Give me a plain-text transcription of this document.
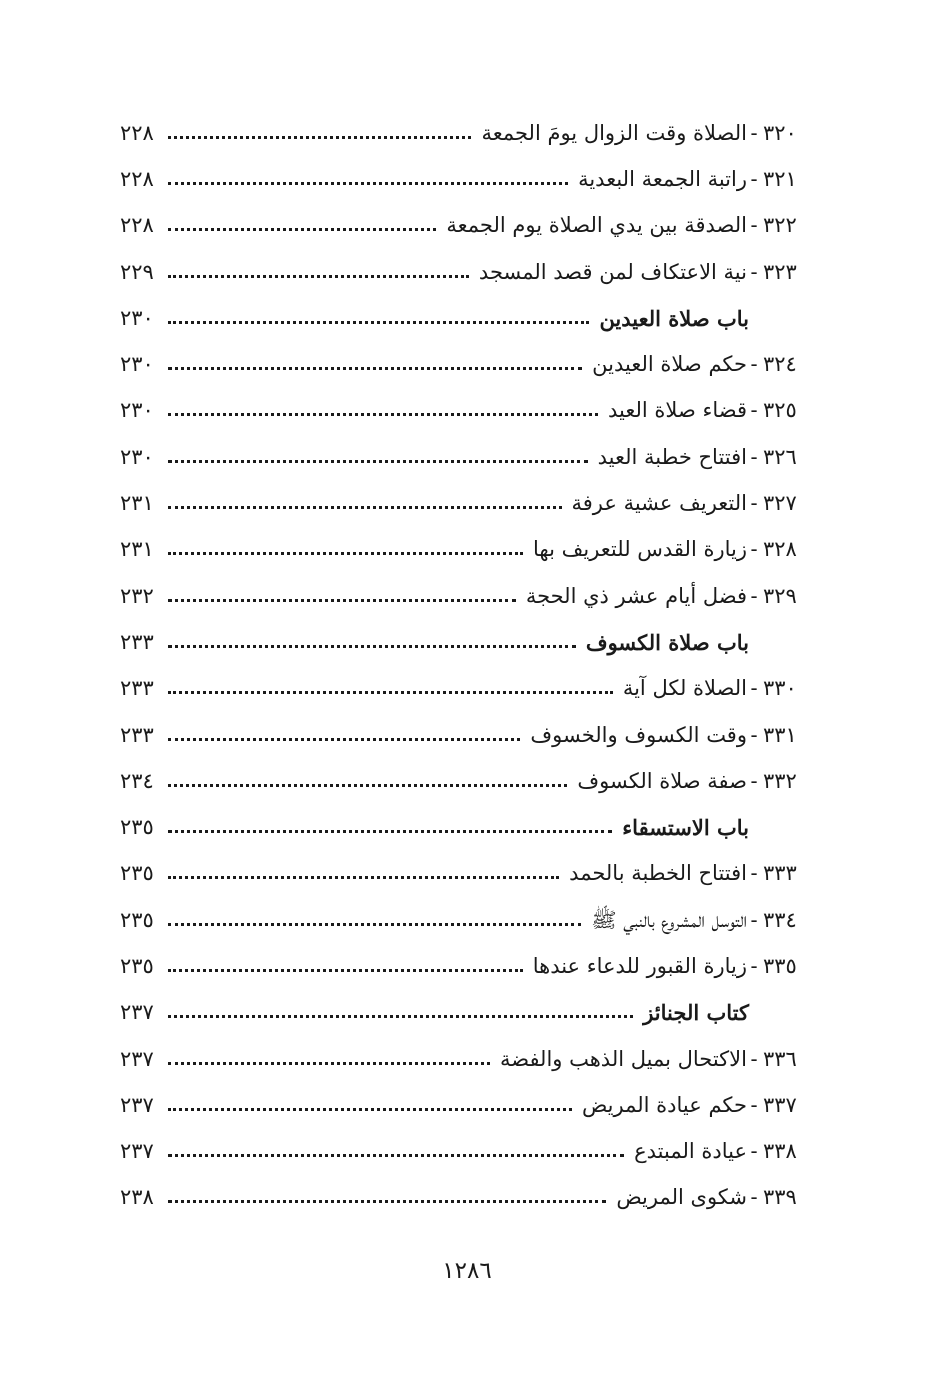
٣٢٠
-
الصلاة وقت الزوال يومَ الجمعة
٢٢٨
٣٢١
-
راتبة الجمعة البعدية
٢٢٨
٣٢٢
-
الصدقة بين يدي الصلاة يوم الجمعة
٢٢٨
٣٢٣
-
نية الاعتكاف لمن قصد المسجد
٢٢٩
باب صلاة العيدين
٢٣٠
٣٢٤
-
حكم صلاة العيدين
٢٣٠
٣٢٥
-
قضاء صلاة العيد
٢٣٠
٣٢٦
-
افتتاح خطبة العيد
٢٣٠
٣٢٧
-
التعريف عشية عرفة
٢٣١
٣٢٨
-
زيارة القدس للتعريف بها
٢٣١
٣٢٩
-
فضل أيام عشر ذي الحجة
٢٣٢
باب صلاة الكسوف
٢٣٣
٣٣٠
-
الصلاة لكل آية
٢٣٣
٣٣١
-
وقت الكسوف والخسوف
٢٣٣
٣٣٢
-
صفة صلاة الكسوف
٢٣٤
باب الاستسقاء
٢٣٥
٣٣٣
-
افتتاح الخطبة بالحمد
٢٣٥
٣٣٤
-
التوسل المشروع بالنبي ﷺ
٢٣٥
٣٣٥
-
زيارة القبور للدعاء عندها
٢٣٥
كتاب الجنائز
٢٣٧
٣٣٦
-
الاكتحال بميل الذهب والفضة
٢٣٧
٣٣٧
-
حكم عيادة المريض
٢٣٧
٣٣٨
-
عيادة المبتدع
٢٣٧
٣٣٩
-
شكوى المريض
٢٣٨
١٢٨٦
